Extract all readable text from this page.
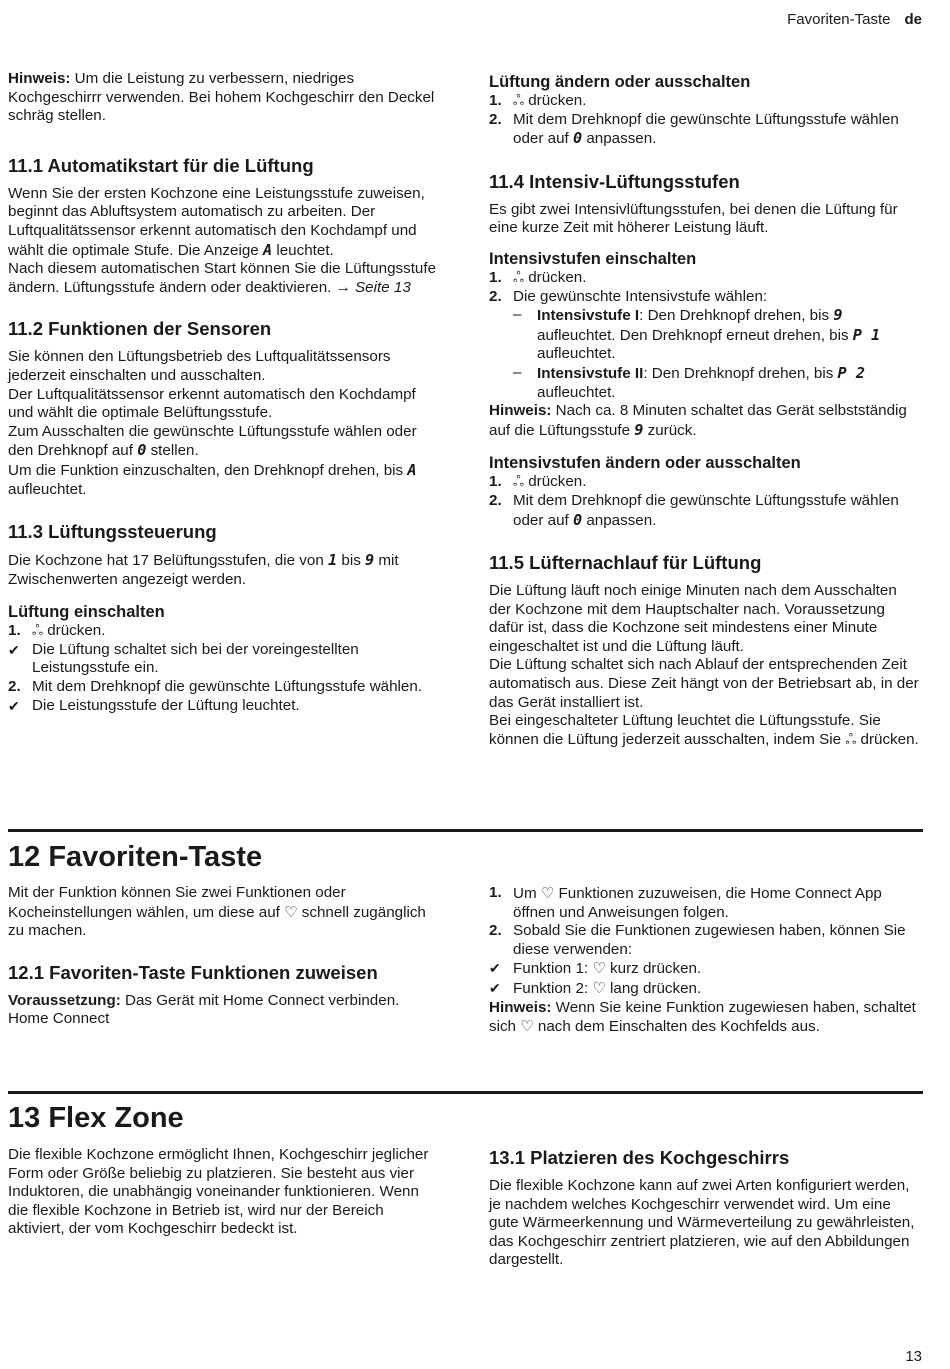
Favoriten-Taste de

Hinweis: Um die Leistung zu verbessern, niedriges Kochgeschirrr verwenden. Bei hohem Kochgeschirr den Deckel schräg stellen.

11.1 Automatikstart für die Lüftung

Wenn Sie der ersten Kochzone eine Leistungsstufe zuweisen, beginnt das Abluftsystem automatisch zu arbeiten. Der Luftqualitätssensor erkennt automatisch den Kochdampf und wählt die optimale Stufe. Die Anzeige A leuchtet.

Nach diesem automatischen Start können Sie die Lüftungsstufe ändern. Lüftungsstufe ändern oder deaktivieren. → Seite 13

11.2 Funktionen der Sensoren

Sie können den Lüftungsbetrieb des Luftqualitätssensors jederzeit einschalten und ausschalten.

Der Luftqualitätssensor erkennt automatisch den Kochdampf und wählt die optimale Belüftungsstufe.

Zum Ausschalten die gewünschte Lüftungsstufe wählen oder den Drehknopf auf 0 stellen.

Um die Funktion einzuschalten, den Drehknopf drehen, bis A aufleuchtet.

11.3 Lüftungssteuerung

Die Kochzone hat 17 Belüftungsstufen, die von 1 bis 9 mit Zwischenwerten angezeigt werden.

Lüftung einschalten
1. ஃ drücken.
✔ Die Lüftung schaltet sich bei der voreingestellten Leistungsstufe ein.
2. Mit dem Drehknopf die gewünschte Lüftungsstufe wählen.
✔ Die Leistungsstufe der Lüftung leuchtet.
Lüftung ändern oder ausschalten
1. ஃ drücken.
2. Mit dem Drehknopf die gewünschte Lüftungsstufe wählen oder auf 0 anpassen.
11.4 Intensiv-Lüftungsstufen

Es gibt zwei Intensivlüftungsstufen, bei denen die Lüftung für eine kurze Zeit mit höherer Leistung läuft.

Intensivstufen einschalten
1. ஃ drücken.
2. Die gewünschte Intensivstufe wählen:
– Intensivstufe I: Den Drehknopf drehen, bis 9 aufleuchtet. Den Drehknopf erneut drehen, bis P 1 aufleuchtet.
– Intensivstufe II: Den Drehknopf drehen, bis P 2 aufleuchtet.

Hinweis: Nach ca. 8 Minuten schaltet das Gerät selbstständig auf die Lüftungsstufe 9 zurück.

Intensivstufen ändern oder ausschalten
1. ஃ drücken.
2. Mit dem Drehknopf die gewünschte Lüftungsstufe wählen oder auf 0 anpassen.
11.5 Lüfternachlauf für Lüftung

Die Lüftung läuft noch einige Minuten nach dem Ausschalten der Kochzone mit dem Hauptschalter nach. Voraussetzung dafür ist, dass die Kochzone seit mindestens einer Minute eingeschaltet ist und die Lüftung läuft.

Die Lüftung schaltet sich nach Ablauf der entsprechenden Zeit automatisch aus. Diese Zeit hängt von der Betriebsart ab, in der das Gerät installiert ist.

Bei eingeschalteter Lüftung leuchtet die Lüftungsstufe. Sie können die Lüftung jederzeit ausschalten, indem Sie ஃ drücken.

12 Favoriten-Taste

Mit der Funktion können Sie zwei Funktionen oder Kocheinstellungen wählen, um diese auf ♡ schnell zugänglich zu machen.

12.1 Favoriten-Taste Funktionen zuweisen

Voraussetzung: Das Gerät mit Home Connect verbinden. Home Connect

1. Um ♡ Funktionen zuzuweisen, die Home Connect App öffnen und Anweisungen folgen.
2. Sobald Sie die Funktionen zugewiesen haben, können Sie diese verwenden:
✔ Funktion 1: ♡ kurz drücken.
✔ Funktion 2: ♡ lang drücken.

Hinweis: Wenn Sie keine Funktion zugewiesen haben, schaltet sich ♡ nach dem Einschalten des Kochfelds aus.

13 Flex Zone

Die flexible Kochzone ermöglicht Ihnen, Kochgeschirr jeglicher Form oder Größe beliebig zu platzieren. Sie besteht aus vier Induktoren, die unabhängig voneinander funktionieren. Wenn die flexible Kochzone in Betrieb ist, wird nur der Bereich aktiviert, der vom Kochgeschirr bedeckt ist.

13.1 Platzieren des Kochgeschirrs

Die flexible Kochzone kann auf zwei Arten konfiguriert werden, je nachdem welches Kochgeschirr verwendet wird. Um eine gute Wärmeerkennung und Wärmeverteilung zu gewährleisten, das Kochgeschirr zentriert platzieren, wie auf den Abbildungen dargestellt.

13
